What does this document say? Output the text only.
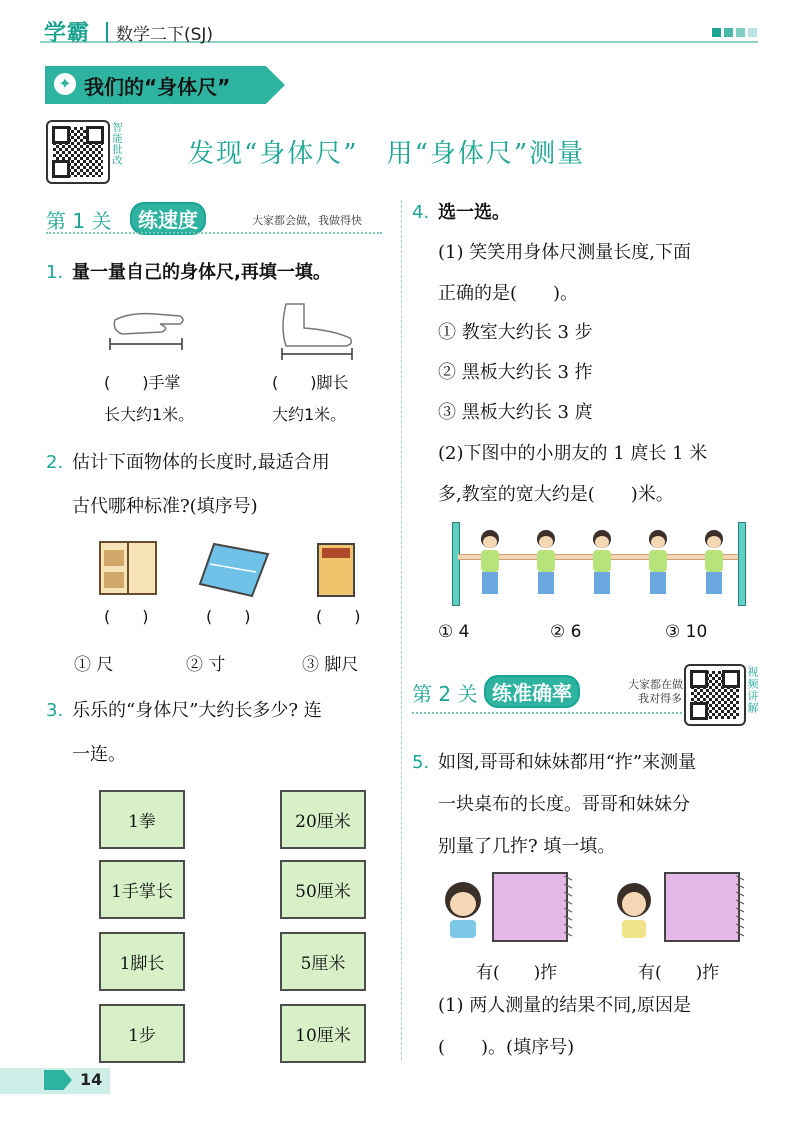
学霸 数学二下(SJ)
✦ 我们的“身体尺”
智能批改	发现“身体尺”　用“身体尺”测量
第 1 关	练速度	大家都会做，我做得快
1. 量一量自己的身体尺,再填一填。
(　　)手掌
长大约1米。
(　　)脚长
大约1米。
2. 估计下面物体的长度时,最适合用
古代哪种标准?(填序号)
(　　)	(　　)	(　　)
① 尺	② 寸	③ 脚尺
3. 乐乐的“身体尺”大约长多少? 连
一连。
1拳
1手掌长
1脚长
1步
20厘米
50厘米
5厘米
10厘米
4. 选一选。
(1) 笑笑用身体尺测量长度,下面
正确的是(　　)。
① 教室大约长 3 步
② 黑板大约长 3 拃
③ 黑板大约长 3 庹
(2)下图中的小朋友的 1 庹长 1 米
多,教室的宽大约是(　　)米。
① 4	② 6	③ 10
第 2 关 练准确率	大家都在做
我对得多	视频讲解
5. 如图,哥哥和妹妹都用“拃”来测量
一块桌布的长度。哥哥和妹妹分
别量了几拃? 填一填。
有(　　)拃	有(　　)拃
(1) 两人测量的结果不同,原因是
(　　)。(填序号)
14
